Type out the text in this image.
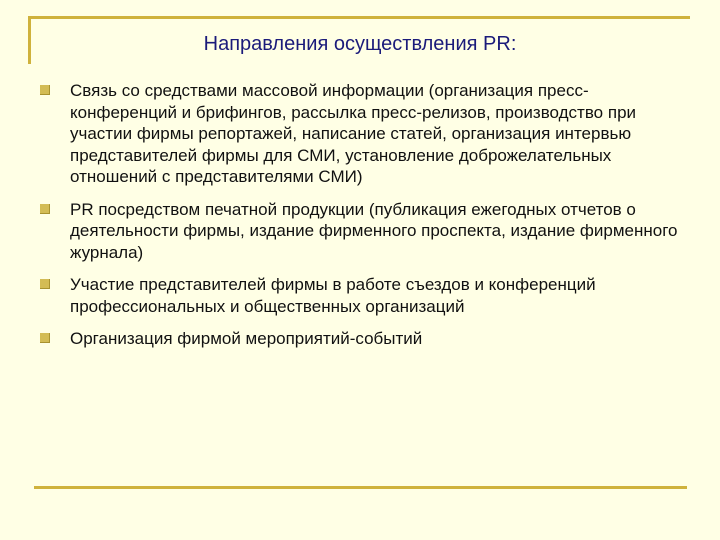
Направления осуществления PR:
Связь со средствами массовой информации (организация пресс-конференций и брифингов, рассылка пресс-релизов, производство при участии фирмы репортажей, написание статей, организация интервью представителей фирмы для СМИ, установление доброжелательных отношений с представителями СМИ)
PR посредством печатной продукции (публикация ежегодных отчетов о деятельности фирмы, издание фирменного проспекта, издание фирменного журнала)
Участие представителей фирмы в работе съездов и конференций профессиональных и общественных организаций
Организация фирмой мероприятий-событий
